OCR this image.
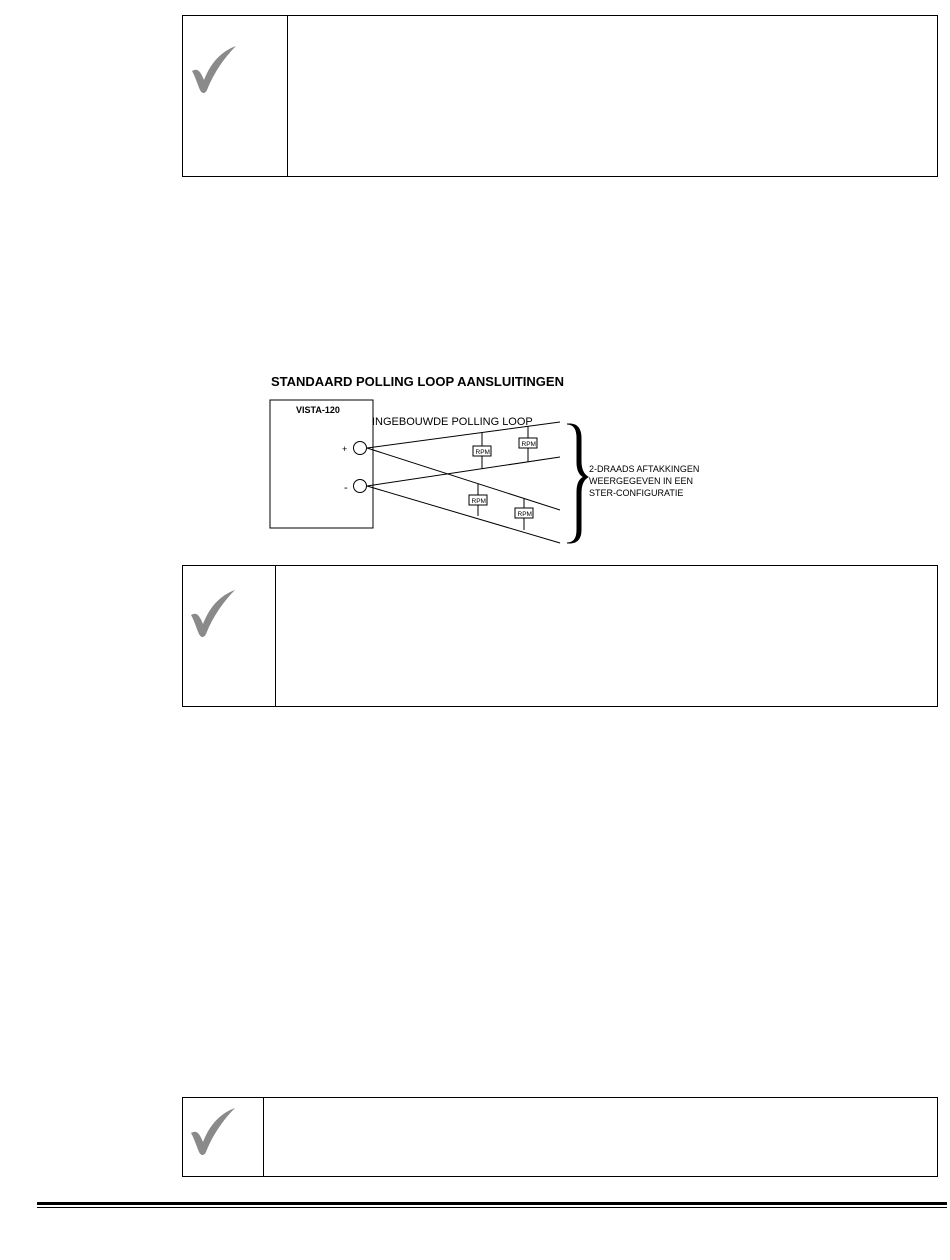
STANDAARD POLLING LOOP AANSLUITINGEN
VISTA-120
INGEBOUWDE POLLING LOOP
+
-
RPM
RPM
RPM
RPM
2-DRAADS AFTAKKINGEN
WEERGEGEVEN IN EEN
STER-CONFIGURATIE
